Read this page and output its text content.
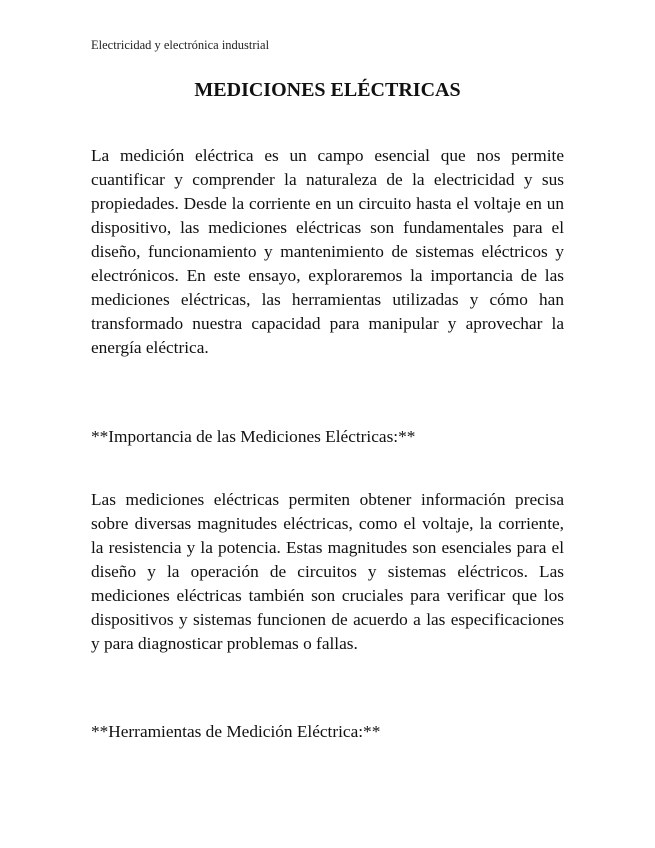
Electricidad y electrónica industrial
MEDICIONES ELÉCTRICAS

La medición eléctrica es un campo esencial que nos permite cuantificar y comprender la naturaleza de la electricidad y sus propiedades. Desde la corriente en un circuito hasta el voltaje en un dispositivo, las mediciones eléctricas son fundamentales para el diseño, funcionamiento y mantenimiento de sistemas eléctricos y electrónicos. En este ensayo, exploraremos la importancia de las mediciones eléctricas, las herramientas utilizadas y cómo han transformado nuestra capacidad para manipular y aprovechar la energía eléctrica.

**Importancia de las Mediciones Eléctricas:**

Las mediciones eléctricas permiten obtener información precisa sobre diversas magnitudes eléctricas, como el voltaje, la corriente, la resistencia y la potencia. Estas magnitudes son esenciales para el diseño y la operación de circuitos y sistemas eléctricos. Las mediciones eléctricas también son cruciales para verificar que los dispositivos y sistemas funcionen de acuerdo a las especificaciones y para diagnosticar problemas o fallas.

**Herramientas de Medición Eléctrica:**
